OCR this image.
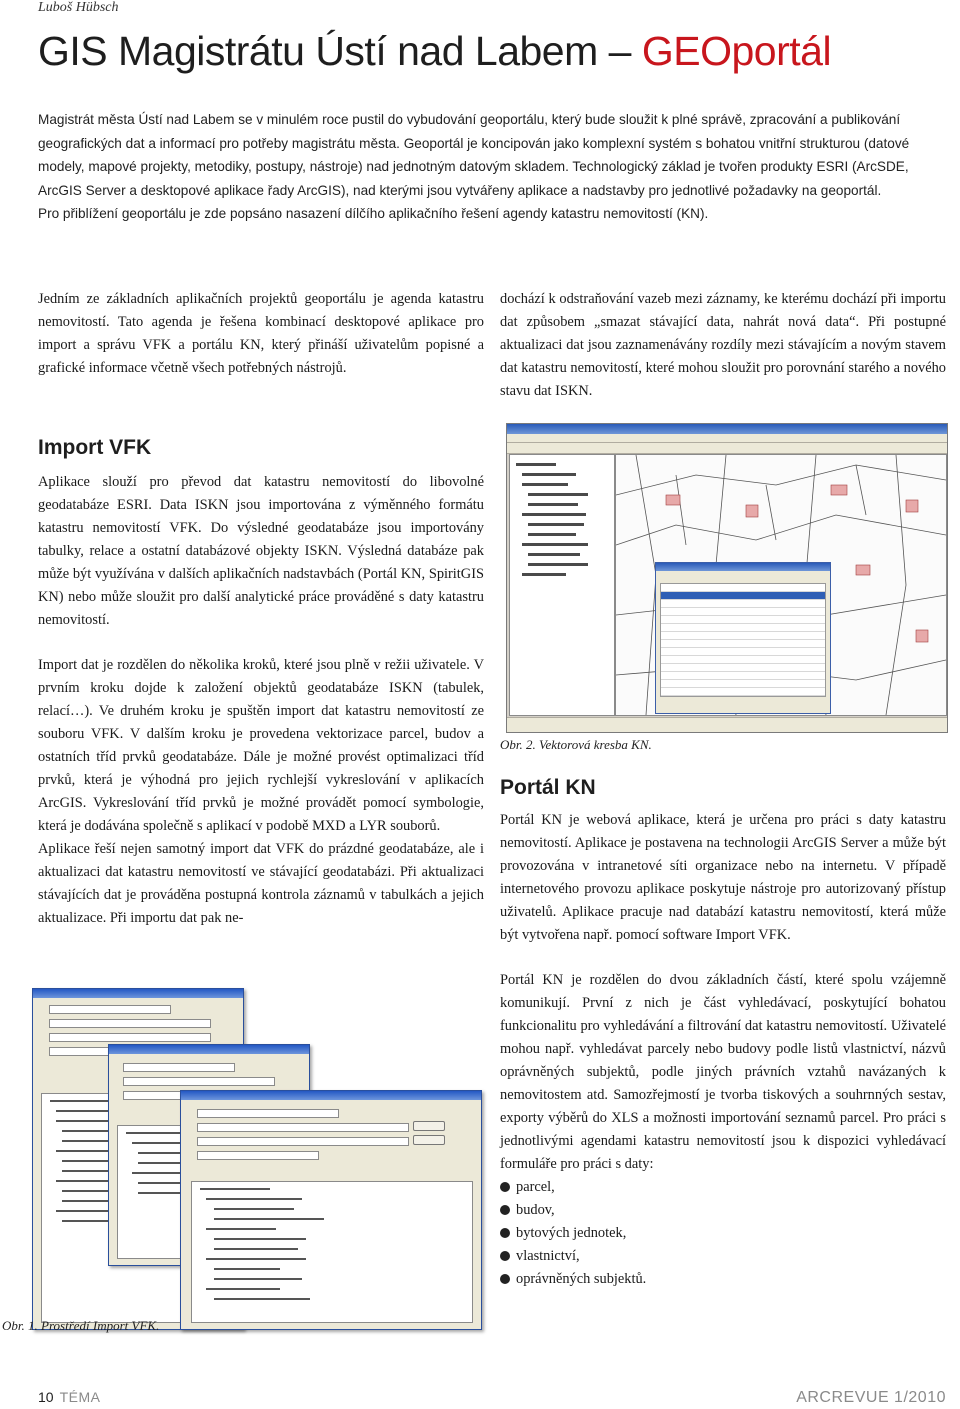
Luboš Hübsch
GIS Magistrátu Ústí nad Labem – GEOportál

Magistrát města Ústí nad Labem se v minulém roce pustil do vybudování geoportálu, který bude sloužit k plné správě, zpracování a publikování geografických dat a informací pro potřeby magistrátu města. Geoportál je koncipován jako komplexní systém s bohatou vnitřní strukturou (datové modely, mapové projekty, metodiky, postupy, nástroje) nad jednotným datovým skladem. Technologický základ je tvořen produkty ESRI (ArcSDE, ArcGIS Server a desktopové aplikace řady ArcGIS), nad kterými jsou vytvářeny aplikace a nadstavby pro jednotlivé požadavky na geoportál.

Pro přiblížení geoportálu je zde popsáno nasazení dílčího aplikačního řešení agendy katastru nemovitostí (KN).

Jedním ze základních aplikačních projektů geoportálu je agenda katastru nemovitostí. Tato agenda je řešena kombinací desktopové aplikace pro import a správu VFK a portálu KN, který přináší uživatelům popisné a grafické informace včetně všech potřebných nástrojů.

Import VFK

Aplikace slouží pro převod dat katastru nemovitostí do libovolné geodatabáze ESRI. Data ISKN jsou importována z výměnného formátu katastru nemovitostí VFK. Do výsledné geodatabáze jsou importovány tabulky, relace a ostatní databázové objekty ISKN. Výsledná databáze pak může být využívána v dalších aplikačních nadstavbách (Portál KN, SpiritGIS KN) nebo může sloužit pro další analytické práce prováděné s daty katastru nemovitostí.

Import dat je rozdělen do několika kroků, které jsou plně v režii uživatele. V prvním kroku dojde k založení objektů geodatabáze ISKN (tabulek, relací…). Ve druhém kroku je spuštěn import dat katastru nemovitostí ze souboru VFK. V dalším kroku je provedena vektorizace parcel, budov a ostatních tříd prvků geodatabáze. Dále je možné provést optimalizaci tříd prvků, která je výhodná pro jejich rychlejší vykreslování v aplikacích ArcGIS. Vykreslování tříd prvků je možné provádět pomocí symbologie, která je dodávána společně s aplikací v podobě MXD a LYR souborů.

Aplikace řeší nejen samotný import dat VFK do prázdné geodatabáze, ale i aktualizaci dat katastru nemovitostí ve stávající geodatabázi. Při aktualizaci stávajících dat je prováděna postupná kontrola záznamů v tabulkách a jejich aktualizace. Při importu dat pak ne-

Obr. 1. Prostředí Import VFK.

dochází k odstraňování vazeb mezi záznamy, ke kterému dochází při importu dat způsobem „smazat stávající data, nahrát nová data“. Při postupné aktualizaci dat jsou zaznamenávány rozdíly mezi stávajícím a novým stavem dat katastru nemovitostí, které mohou sloužit pro porovnání starého a nového stavu dat ISKN.

Obr. 2. Vektorová kresba KN.
Portál KN

Portál KN je webová aplikace, která je určena pro práci s daty katastru nemovitostí. Aplikace je postavena na technologii ArcGIS Server a může být provozována v intranetové síti organizace nebo na internetu. V případě internetového provozu aplikace poskytuje nástroje pro autorizovaný přístup uživatelů. Aplikace pracuje nad databází katastru nemovitostí, která může být vytvořena např. pomocí software Import VFK.

Portál KN je rozdělen do dvou základních částí, které spolu vzájemně komunikují. První z nich je část vyhledávací, poskytující bohatou funkcionalitu pro vyhledávání a filtrování dat katastru nemovitostí. Uživatelé mohou např. vyhledávat parcely nebo budovy podle listů vlastnictví, názvů oprávněných subjektů, podle jiných právních vztahů navázaných k nemovitostem atd. Samozřejmostí je tvorba tiskových a souhrnných sestav, exporty výběrů do XLS a možnosti importování seznamů parcel. Pro práci s jednotlivými agendami katastru nemovitostí jsou k dispozici vyhledávací formuláře pro práci s daty:

parcel,
budov,
bytových jednotek,
vlastnictví,
oprávněných subjektů.
10 TÉMA	ARCREVUE 1/2010
